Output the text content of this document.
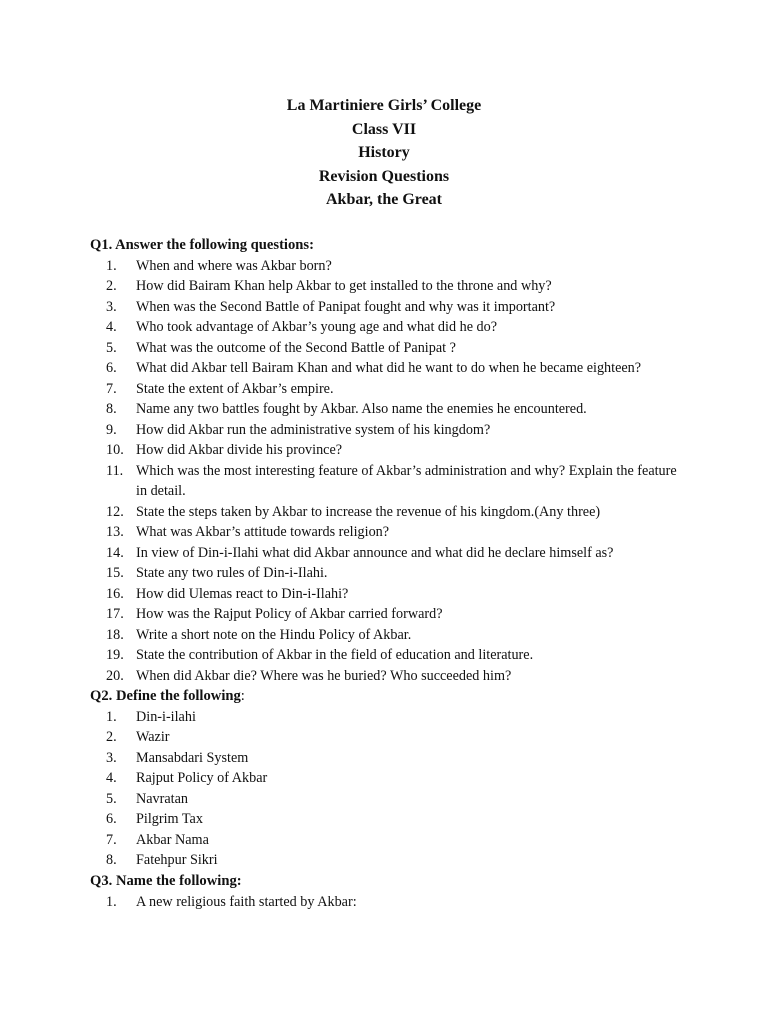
La Martiniere Girls’ College
Class VII
History
Revision Questions
Akbar, the Great
Q1. Answer the following questions:
1.	When and where was Akbar born?
2.	How did Bairam Khan help Akbar to get installed to the throne and why?
3.	When was the Second Battle of Panipat fought and why was it important?
4.	Who took advantage of Akbar’s young age and what did he do?
5.	What was the outcome of the Second Battle of Panipat ?
6.	What did Akbar tell Bairam Khan and what did he want to do when he became eighteen?
7.	State the extent of Akbar’s empire.
8.	Name any two battles fought by Akbar. Also name the enemies he encountered.
9.	How did Akbar run the administrative system of his kingdom?
10. How did Akbar divide his province?
11. Which was the most interesting feature of Akbar’s administration and why? Explain the feature in detail.
12. State the steps taken by Akbar to increase the revenue of his kingdom.(Any three)
13. What was Akbar’s attitude towards religion?
14. In view of Din-i-Ilahi what did Akbar announce and what did he declare himself as?
15. State any two rules of Din-i-Ilahi.
16. How did Ulemas react to Din-i-Ilahi?
17. How was the Rajput Policy of Akbar carried forward?
18. Write a short note on the Hindu Policy of Akbar.
19. State the contribution of Akbar in the field of education and literature.
20. When did Akbar die? Where was he buried? Who succeeded him?
Q2. Define the following:
1.	Din-i-ilahi
2.	Wazir
3.	Mansabdari System
4.	Rajput Policy of Akbar
5.	Navratan
6.	Pilgrim Tax
7.	Akbar Nama
8.	Fatehpur Sikri
Q3. Name the following:
1.	A new religious faith started by Akbar:
